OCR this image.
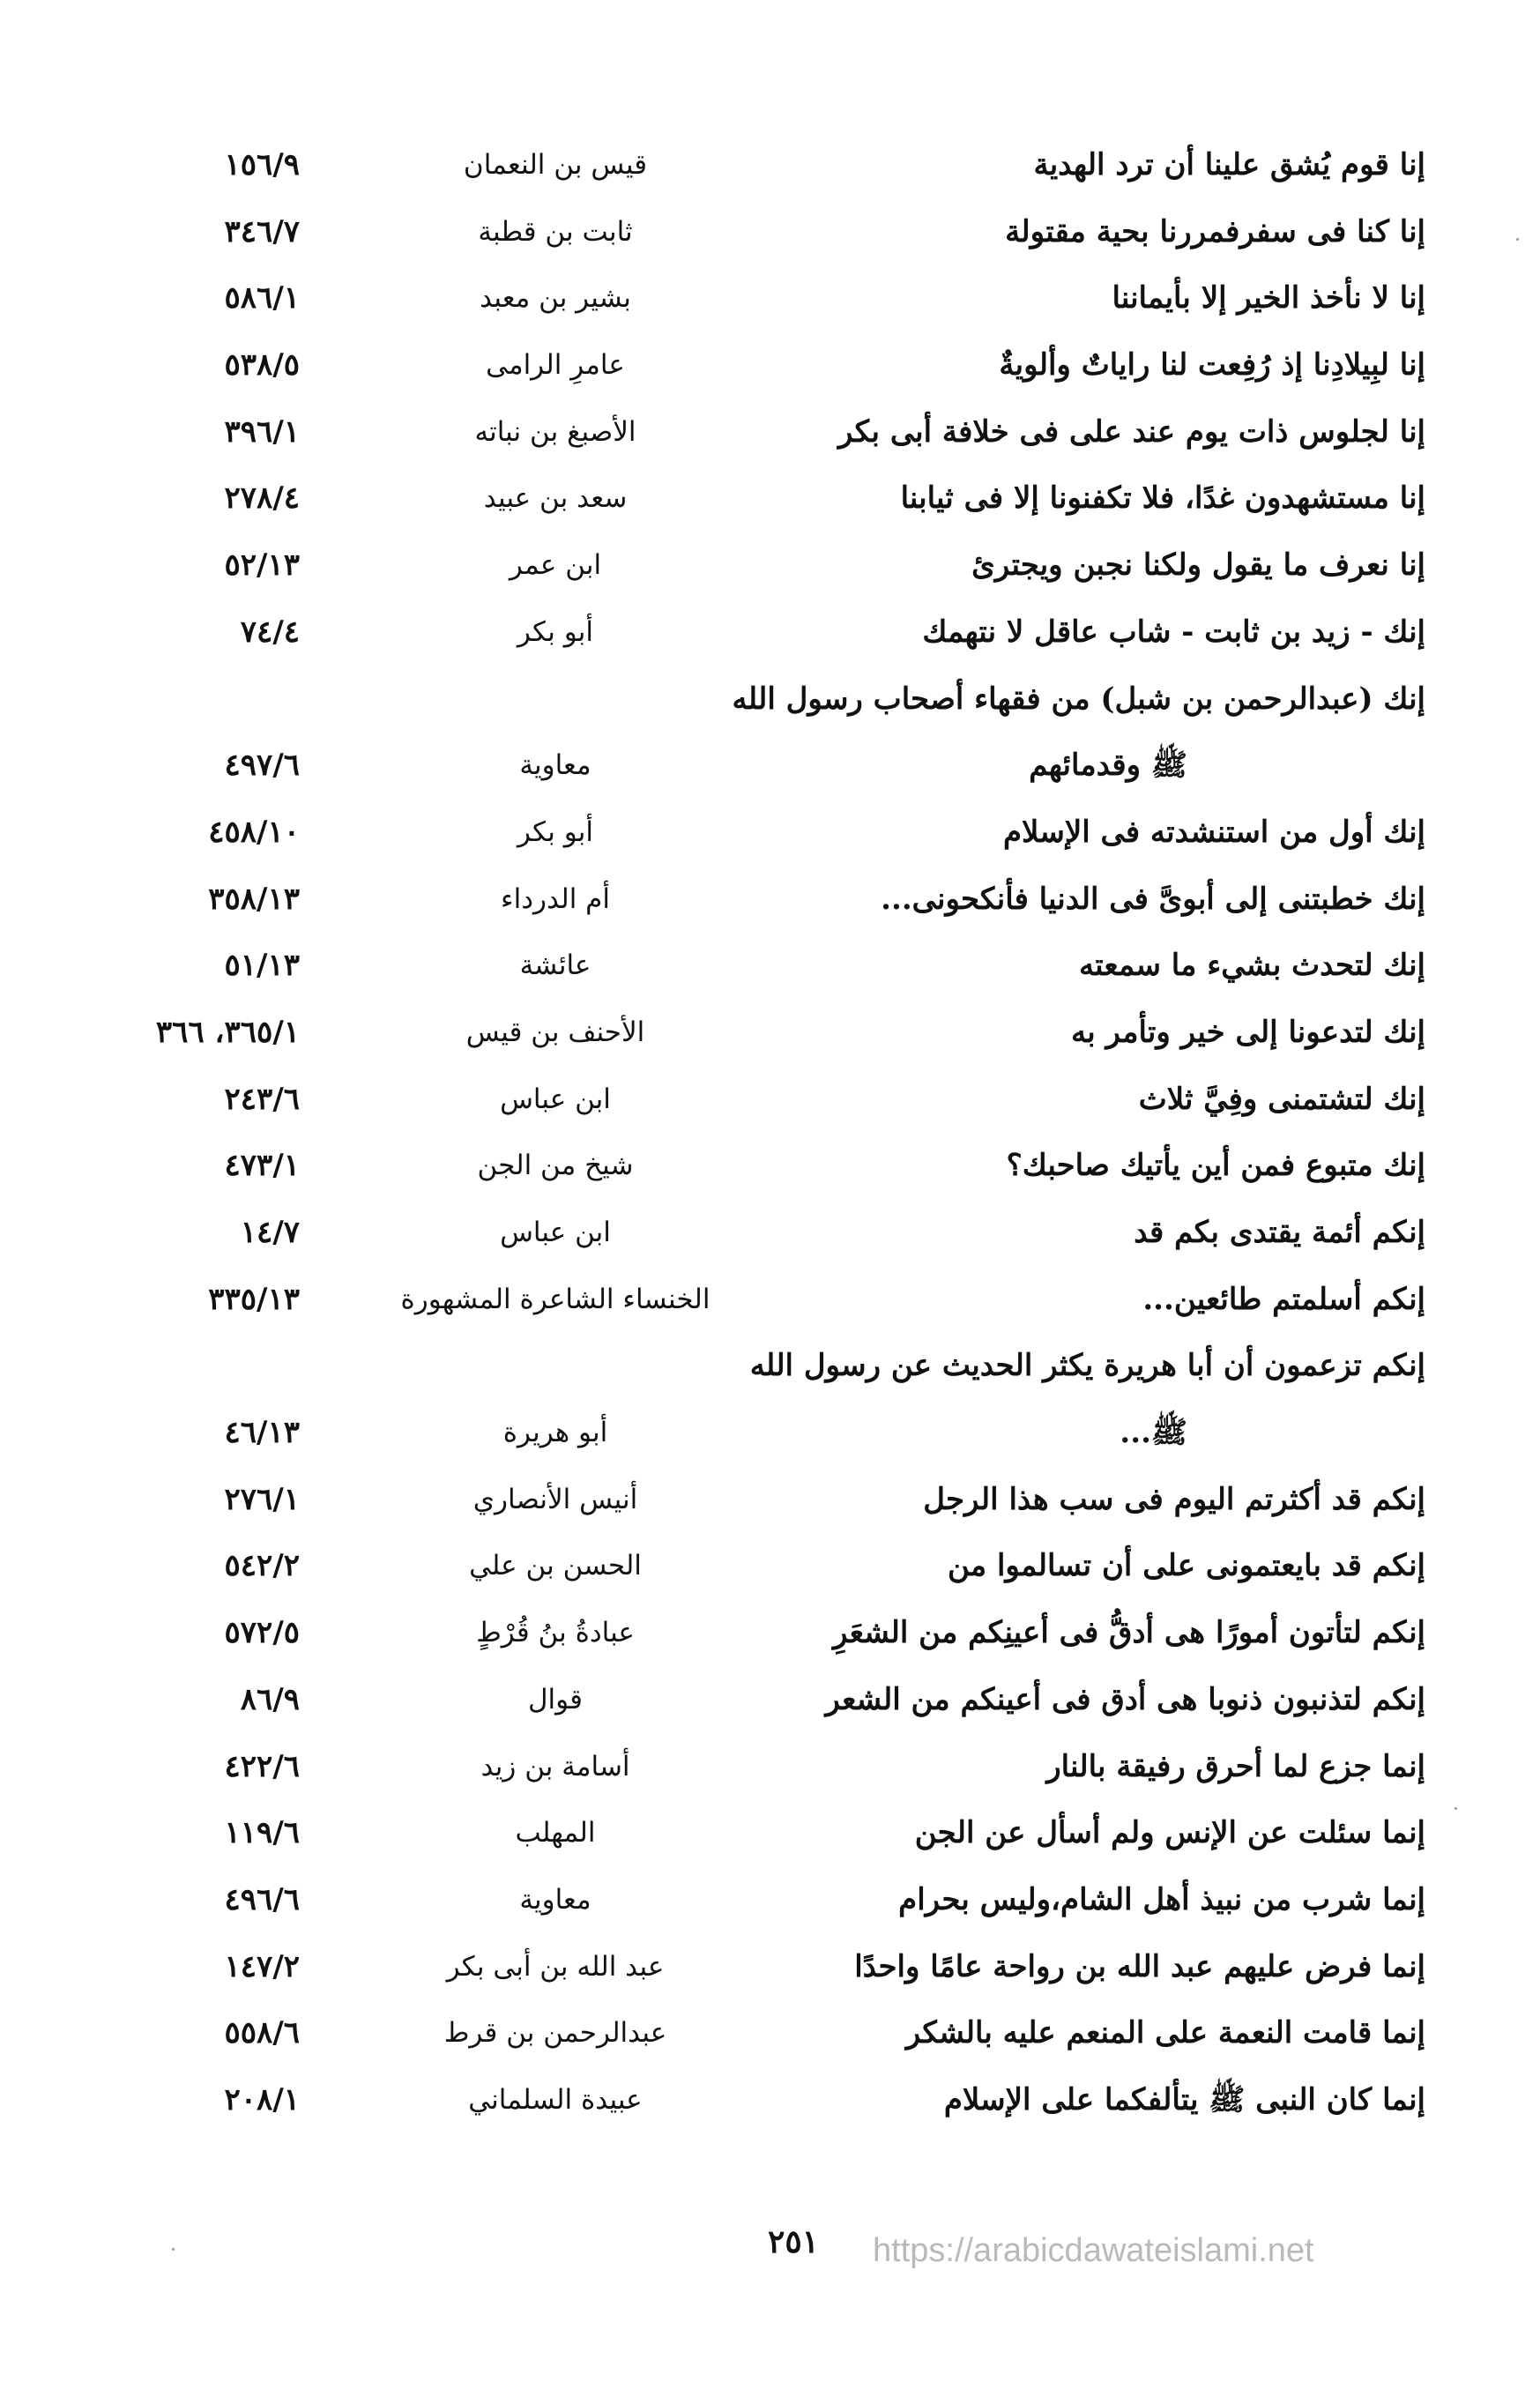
إنا قوم يُشق علينا أن ترد الهدية
قيس بن النعمان
١٥٦/٩
إنا كنا فى سفرفمررنا بحية مقتولة
ثابت بن قطبة
٣٤٦/٧
إنا لا نأخذ الخير إلا بأيماننا
بشير بن معبد
٥٨٦/١
إنا لبِيلادِنا إذ رُفِعت لنا راياتٌ وألويةٌ
عامرِ الرامى
٥٣٨/٥
إنا لجلوس ذات يوم عند على فى خلافة أبى بكر
الأصبغ بن نباته
٣٩٦/١
إنا مستشهدون غدًا، فلا تكفنونا إلا فى ثيابنا
سعد بن عبيد
٢٧٨/٤
إنا نعرف ما يقول ولكنا نجبن ويجترئ
ابن عمر
٥٢/١٣
إنك - زيد بن ثابت - شاب عاقل لا نتهمك
أبو بكر
٧٤/٤
إنك (عبدالرحمن بن شبل) من فقهاء أصحاب رسول الله
ﷺ وقدمائهم
معاوية
٤٩٧/٦
إنك أول من استنشدته فى الإسلام
أبو بكر
٤٥٨/١٠
إنك خطبتنى إلى أبوىَّ فى الدنيا فأنكحونى...
أم الدرداء
٣٥٨/١٣
إنك لتحدث بشيء ما سمعته
عائشة
٥١/١٣
إنك لتدعونا إلى خير وتأمر به
الأحنف بن قيس
٣٦٥/١، ٣٦٦
إنك لتشتمنى وفِيَّ ثلاث
ابن عباس
٢٤٣/٦
إنك متبوع فمن أين يأتيك صاحبك؟
شيخ من الجن
٤٧٣/١
إنكم أئمة يقتدى بكم قد
ابن عباس
١٤/٧
إنكم أسلمتم طائعين...
الخنساء الشاعرة المشهورة
٣٣٥/١٣
إنكم تزعمون أن أبا هريرة يكثر الحديث عن رسول الله
ﷺ...
أبو هريرة
٤٦/١٣
إنكم قد أكثرتم اليوم فى سب هذا الرجل
أنيس الأنصاري
٢٧٦/١
إنكم قد بايعتمونى على أن تسالموا من
الحسن بن علي
٥٤٢/٢
إنكم لتأتون أمورًا هى أدقُّ فى أعينِكم من الشعَرِ
عبادةُ بنُ قُرْطٍ
٥٧٢/٥
إنكم لتذنبون ذنوبا هى أدق فى أعينكم من الشعر
قوال
٨٦/٩
إنما جزع لما أحرق رفيقة بالنار
أسامة بن زيد
٤٢٢/٦
إنما سئلت عن الإنس ولم أسأل عن الجن
المهلب
١١٩/٦
إنما شرب من نبيذ أهل الشام،وليس بحرام
معاوية
٤٩٦/٦
إنما فرض عليهم عبد الله بن رواحة عامًا واحدًا
عبد الله بن أبى بكر
١٤٧/٢
إنما قامت النعمة على المنعم عليه بالشكر
عبدالرحمن بن قرط
٥٥٨/٦
إنما كان النبى ﷺ يتألفكما على الإسلام
عبيدة السلماني
٢٠٨/١
٢٥١	https://arabicdawateislami.net
